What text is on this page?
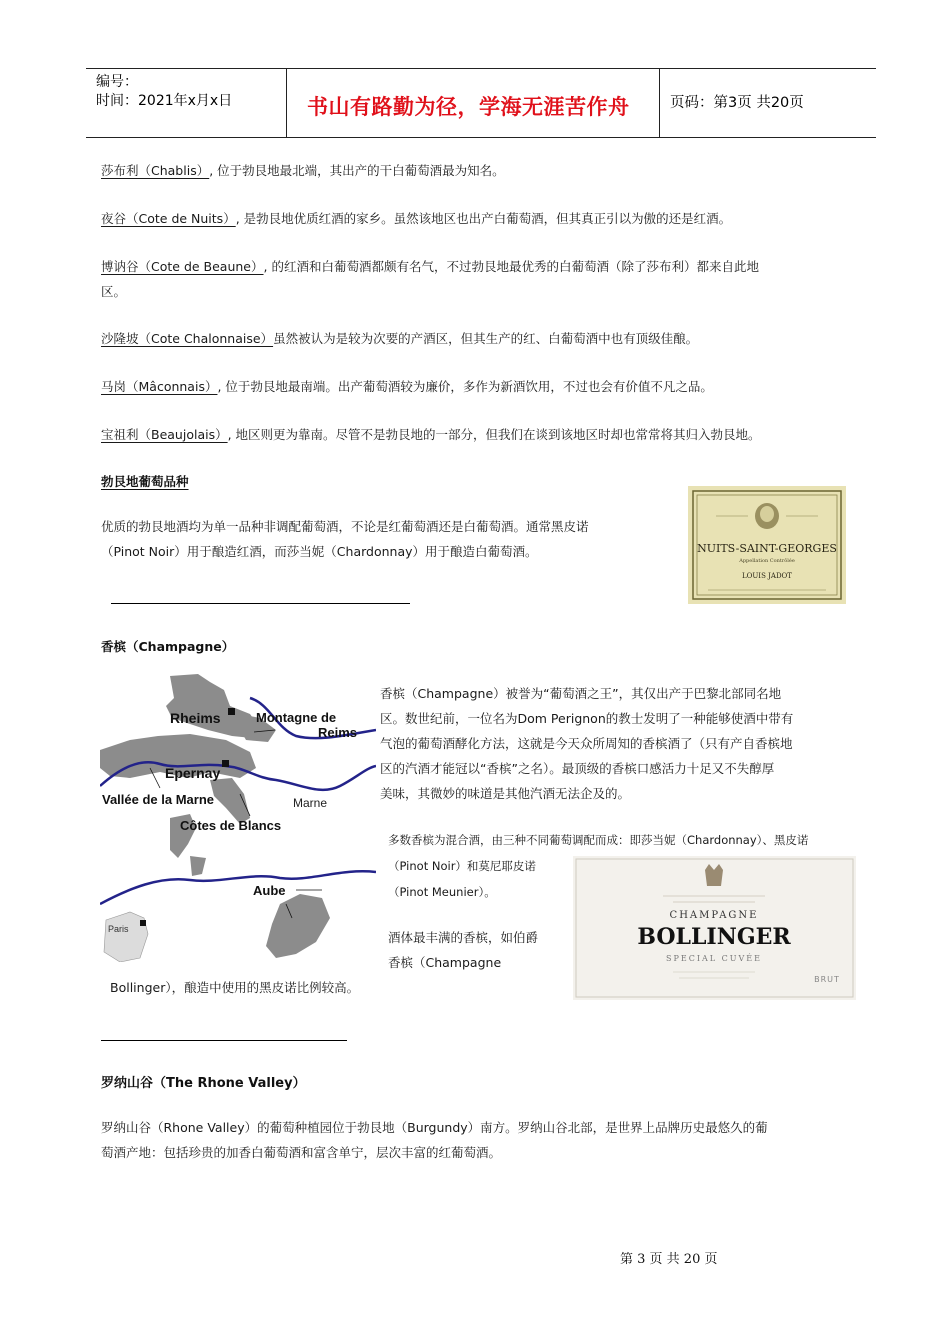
编号：
时间：2021年x月x日	书山有路勤为径，学海无涯苦作舟	页码：第3页 共20页
莎布利（Chablis）, 位于勃艮地最北端，其出产的干白葡萄酒最为知名。
夜谷（Cote de Nuits）, 是勃艮地优质红酒的家乡。虽然该地区也出产白葡萄酒，但其真正引以为傲的还是红酒。
博讷谷（Cote de Beaune）, 的红酒和白葡萄酒都颇有名气，不过勃艮地最优秀的白葡萄酒（除了莎布利）都来自此地
区。
沙隆坡（Cote Chalonnaise）虽然被认为是较为次要的产酒区，但其生产的红、白葡萄酒中也有顶级佳酿。
马岗（Mâconnais）, 位于勃艮地最南端。出产葡萄酒较为廉价，多作为新酒饮用，不过也会有价值不凡之品。
宝祖利（Beaujolais）, 地区则更为靠南。尽管不是勃艮地的一部分，但我们在谈到该地区时却也常常将其归入勃艮地。
勃艮地葡萄品种
优质的勃艮地酒均为单一品种非调配葡萄酒，不论是红葡萄酒还是白葡萄酒。通常黑皮诺
（Pinot Noir）用于酿造红酒，而莎当妮（Chardonnay）用于酿造白葡萄酒。	NUITS-SAINT-GEORGES
Appellation Contrôlée
LOUIS JADOT
香槟（Champagne）
Rheims	Montagne de
Reims
Epernay
Vallée de la Marne	Marne
Côtes de Blancs
Aube
Paris
香槟（Champagne）被誉为“葡萄酒之王”，其仅出产于巴黎北部同名地
区。数世纪前，一位名为Dom Perignon的教士发明了一种能够使酒中带有
气泡的葡萄酒酵化方法，这就是今天众所周知的香槟酒了（只有产自香槟地
区的汽酒才能冠以“香槟”之名）。最顶级的香槟口感活力十足又不失醇厚
美味，其微妙的味道是其他汽酒无法企及的。
多数香槟为混合酒，由三种不同葡萄调配而成：即莎当妮（Chardonnay）、黑皮诺
（Pinot Noir）和莫尼耶皮诺
（Pinot Meunier）。
酒体最丰满的香槟，如伯爵
香槟（Champagne
Bollinger），酿造中使用的黑皮诺比例较高。
CHAMPAGNE
BOLLINGER
SPECIAL CUVÉE
BRUT
罗纳山谷（The Rhone Valley）
罗纳山谷（Rhone Valley）的葡萄种植园位于勃艮地（Burgundy）南方。罗纳山谷北部，是世界上品牌历史最悠久的葡
萄酒产地：包括珍贵的加香白葡萄酒和富含单宁，层次丰富的红葡萄酒。
第 3 页 共 20 页
